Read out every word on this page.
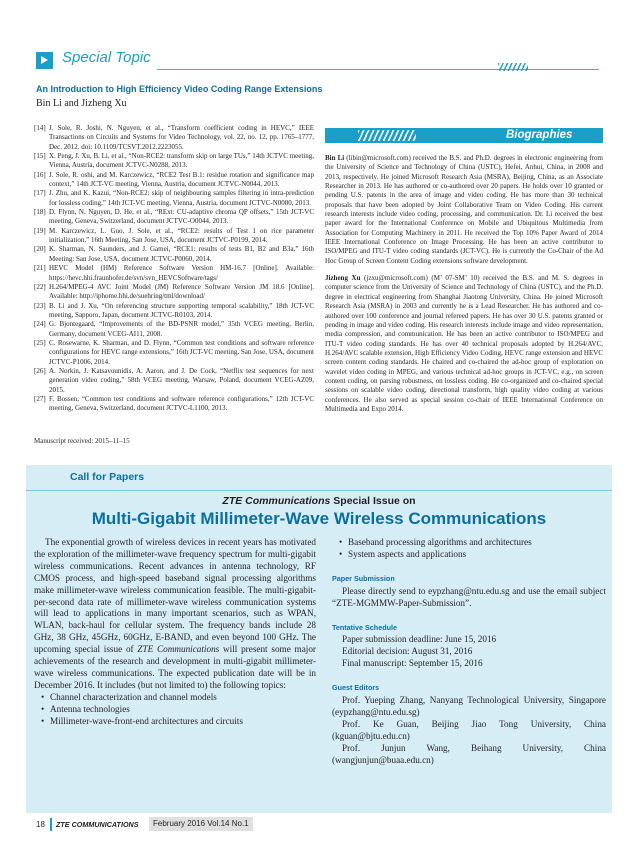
Special Topic
An Introduction to High Efficiency Video Coding Range Extensions
Bin Li and Jizheng Xu

[14] J. Sole, R. Joshi, N. Nguyen, et al., “Transform coefficient coding in HEVC,” IEEE Transactions on Circuits and Systems for Video Technology, vol. 22, no. 12, pp. 1765–1777, Dec. 2012. doi: 10.1109/TCSVT.2012.2223055.

[15] X. Peng, J. Xu, B. Li, et al., “Non-RCE2: transform skip on large TUs,” 14th JCTVC meeting, Vienna, Austria, document JCTVC-N0288, 2013.

[16] J. Sole, R. oshi, and M. Karczewicz, “RCE2 Test B.1: residue rotation and significance map context,” 14th JCT-VC meeting, Vienna, Austria, document JCTVC-N0044, 2013.

[17] J. Zhu, and K. Kazui, “Non-RCE2: skip of neighbouring samples filtering in intra-prediction for lossless coding,” 14th JCT-VC meeting, Vienna, Austria, document JCTVC-N0080, 2013.

[18] D. Flynn, N. Nguyen, D. He, et al., “RExt: CU-adaptive chroma QP offsets,” 15th JCT-VC meeting, Geneva, Switzerland, document JCTVC-O0044, 2013.

[19] M. Karczewicz, L. Guo, J. Sole, et al., “RCE2: results of Test 1 on rice parameter initialization,” 16th Meeting, San Jose, USA, document JCTVC-P0199, 2014.

[20] K. Sharman, N. Saunders, and J. Gamei, “RCE1: results of tests B1, B2 and B3a,” 16th Meeting: San Jose, USA, document JCTVC-P0060, 2014.

[21] HEVC Model (HM) Reference Software Version HM-16.7 [Online]. Available: https://hevc.hhi.fraunhofer.de/svn/svn_HEVCSoftware/tags/

[22] H.264/MPEG-4 AVC Joint Model (JM) Reference Software Version JM 18.6 [Online]. Available: http://iphome.hhi.de/suehring/tml/download/

[23] B. Li and J. Xu, “On referencing structure supporting temporal scalability,” 18th JCT-VC meeting, Sapporo, Japan, document JCTVC-R0103, 2014.

[24] G. Bjontegaard, “Improvements of the BD-PSNR model,” 35th VCEG meeting, Berlin, Germany, document VCEG-AI11, 2008.

[25] C. Rosewarne, K. Sharman, and D. Flynn, “Common test conditions and software reference configurations for HEVC range extensions,” 16th JCT-VC meeting, San Jose, USA, document JCTVC-P1006, 2014.

[26] A. Norkin, J. Katsavounidis, A. Aaron, and J. De Cock, “Netflix test sequences for next generation video coding,” 58th VCEG meeting, Warsaw, Poland, document VCEG-AZ09, 2015.

[27] F. Bossen, “Common test conditions and software reference configurations,” 12th JCT-VC meeting, Geneva, Switzerland, document JCTVC-L1100, 2013.

Manuscript received: 2015–11–15
Biographies

Bin Li (libin@microsoft.com) received the B.S. and Ph.D. degrees in electronic engineering from the University of Science and Technology of China (USTC), Hefei, Anhui, China, in 2008 and 2013, respectively. He joined Microsoft Research Asia (MSRA), Beijing, China, as an Associate Researcher in 2013. He has authored or co-authored over 20 papers. He holds over 10 granted or pending U.S. patents in the area of image and video coding. He has more than 30 technical proposals that have been adopted by Joint Collaborative Team on Video Coding. His current research interests include video coding, processing, and communication. Dr. Li received the best paper award for the International Conference on Mobile and Ubiquitous Multimedia from Association for Computing Machinery in 2011. He received the Top 10% Paper Award of 2014 IEEE International Conference on Image Processing. He has been an active contributor to ISO/MPEG and ITU-T video coding standards (JCT-VC). He is currently the Co-Chair of the Ad Hoc Group of Screen Content Coding extensions software development.

Jizheng Xu (jzxu@microsoft.com) (M’ 07-SM’ 10) received the B.S. and M. S. degrees in computer science from the University of Science and Technology of China (USTC), and the Ph.D. degree in electrical engineering from Shanghai Jiaotong University, China. He joined Microsoft Research Asia (MSRA) in 2003 and currently he is a Lead Researcher. He has authored and co-authored over 100 conference and journal refereed papers. He has over 30 U.S. patents granted or pending in image and video coding. His research interests include image and video representation, media compression, and communication. He has been an active contributor to ISO/MPEG and ITU-T video coding standards. He has over 40 technical proposals adopted by H.264/AVC, H.264/AVC scalable extension, High Efficiency Video Coding, HEVC range extension and HEVC screen content coding standards. He chaired and co-chaired the ad-hoc group of exploration on wavelet video coding in MPEG, and various technical ad-hoc groups in JCT-VC, e.g., on screen content coding, on parsing robustness, on lossless coding. He co-organized and co-chaired special sessions on scalable video coding, directional transform, high quality video coding at various conferences. He also served as special session co-chair of IEEE International Conference on Multimedia and Expo 2014.

Call for Papers
ZTE Communications Special Issue on
Multi-Gigabit Millimeter-Wave Wireless Communications

The exponential growth of wireless devices in recent years has motivated the exploration of the millimeter-wave frequency spectrum for multi-gigabit wireless communications. Recent advances in antenna technology, RF CMOS process, and high-speed baseband signal processing algorithms make millimeter-wave wireless communication feasible. The multi-gigabit-per-second data rate of millimeter-wave wireless communication systems will lead to applications in many important scenarios, such as WPAN, WLAN, back-haul for cellular system. The frequency bands include 28 GHz, 38 GHz, 45GHz, 60GHz, E-BAND, and even beyond 100 GHz. The upcoming special issue of ZTE Communications will present some major achievements of the research and development in multi-gigabit millimeter-wave wireless communications. The expected publication date will be in December 2016. It includes (but not limited to) the following topics:

• Channel characterization and channel models
• Antenna technologies
• Millimeter-wave-front-end architectures and circuits
• Baseband processing algorithms and architectures
• System aspects and applications
Paper Submission

Please directly send to eypzhang@ntu.edu.sg and use the email subject “ZTE-MGMMW-Paper-Submission”.

Tentative Schedule

Paper submission deadline: June 15, 2016

Editorial decision: August 31, 2016

Final manuscript: September 15, 2016

Guest Editors

Prof. Yueping Zhang, Nanyang Technological University, Singapore (eypzhang@ntu.edu.sg)

Prof. Ke Guan, Beijing Jiao Tong University, China (kguan@bjtu.edu.cn)

Prof. Junjun Wang, Beihang University, China (wangjunjun@buaa.edu.cn)

18 ZTE COMMUNICATIONS	February 2016 Vol.14 No.1
